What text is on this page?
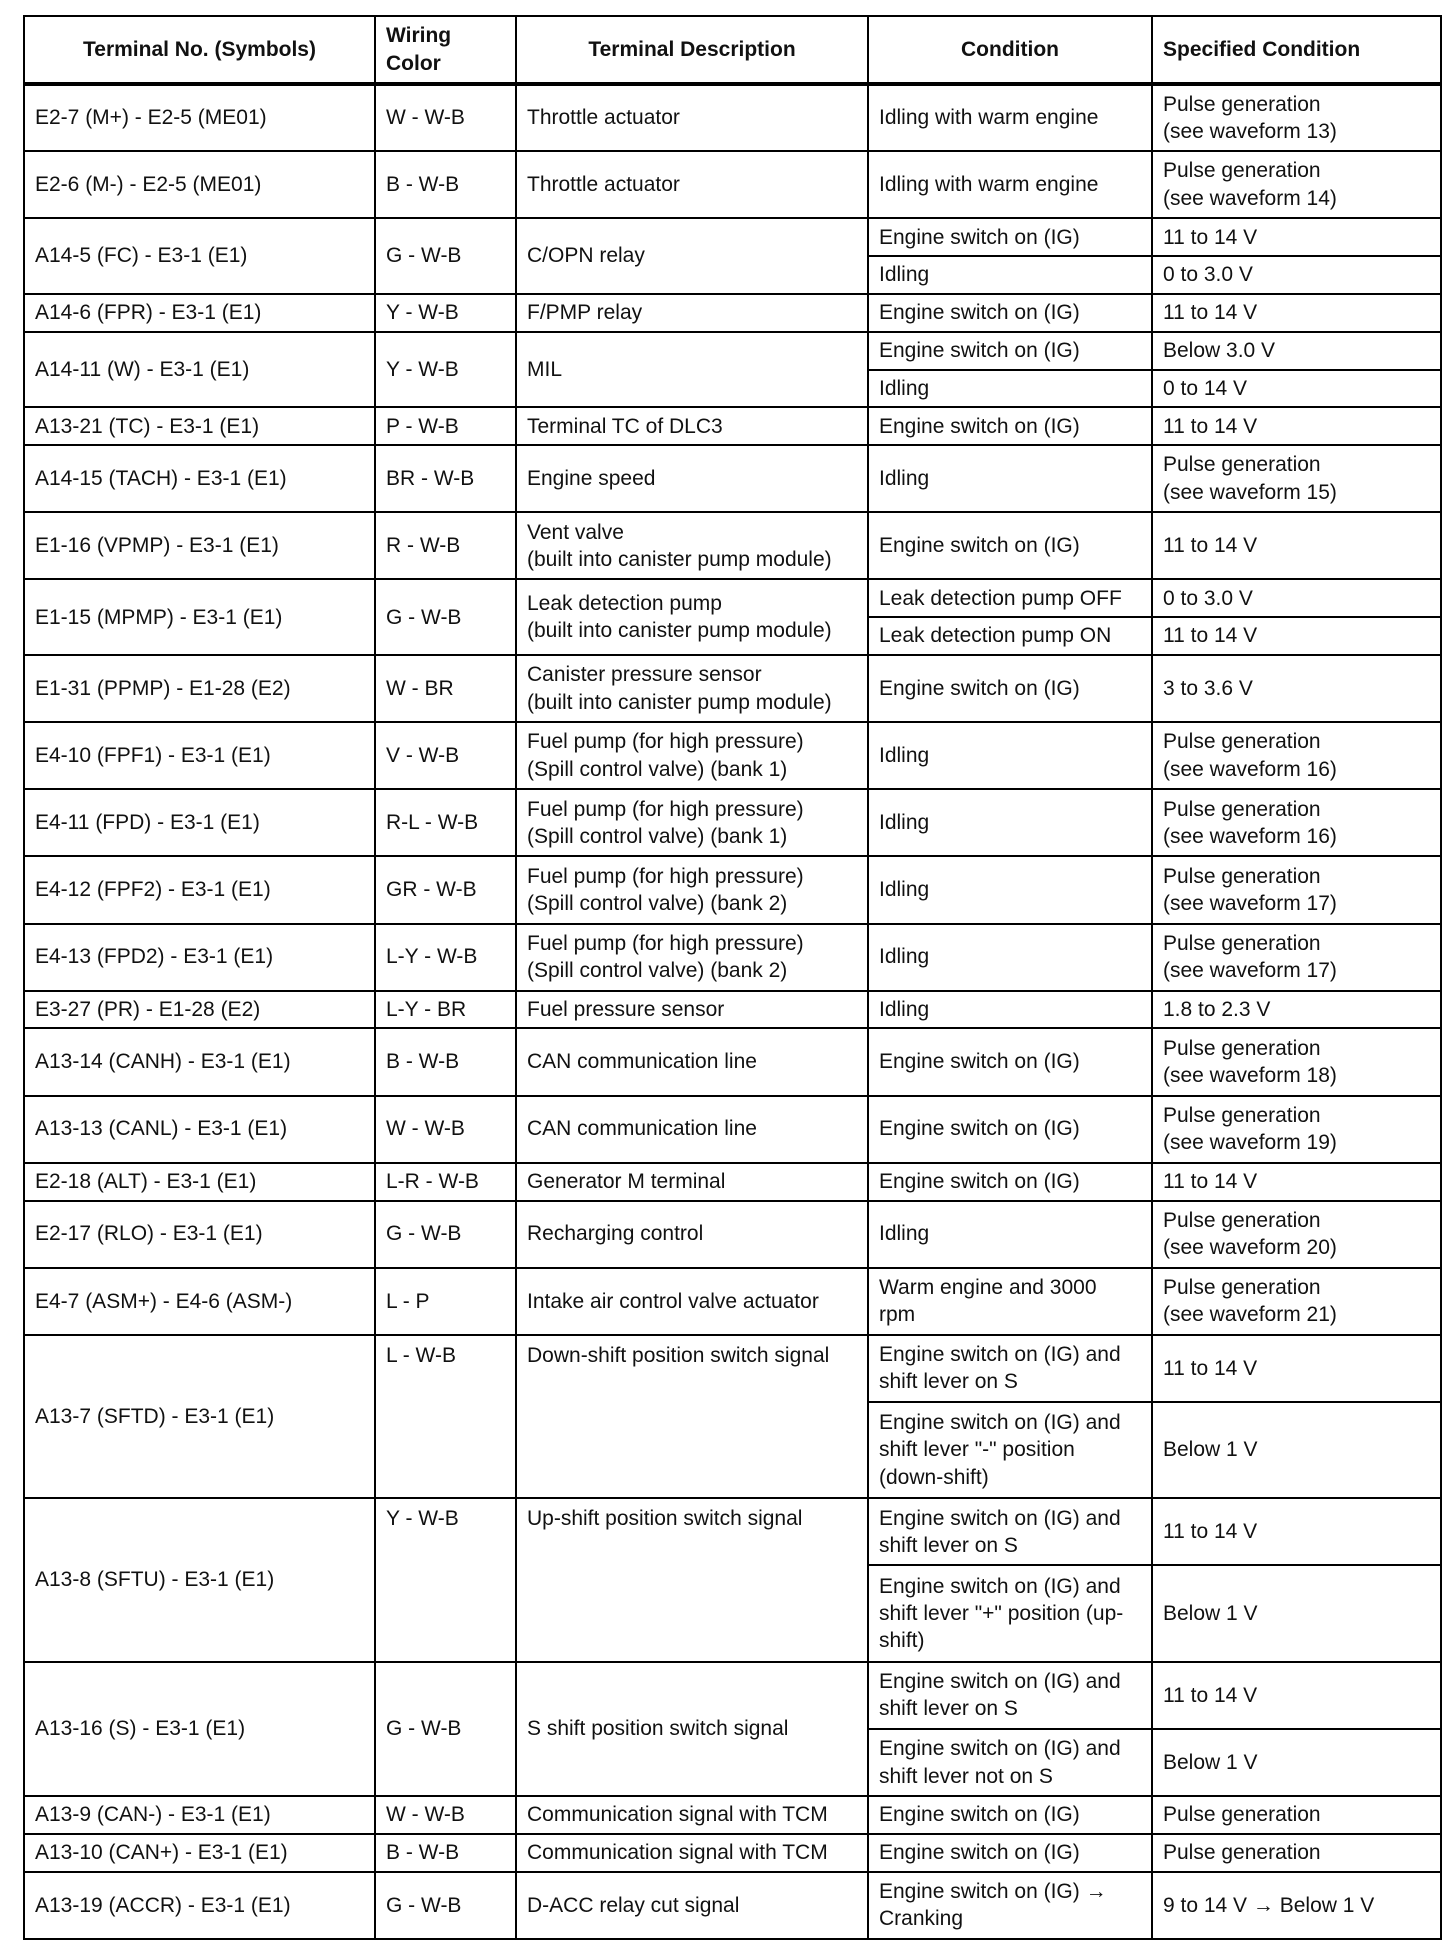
Terminal No. (Symbols)	Wiring Color	Terminal Description	Condition	Specified Condition

E2-7 (M+) - E2-5 (ME01)	W - W-B	Throttle actuator	Idling with warm engine	Pulse generation
(see waveform 13)

E2-6 (M-) - E2-5 (ME01)	B - W-B	Throttle actuator	Idling with warm engine	Pulse generation
(see waveform 14)

A14-5 (FC) - E3-1 (E1)	G - W-B	C/OPN relay	Engine switch on (IG)	11 to 14 V

			Idling	0 to 3.0 V

A14-6 (FPR) - E3-1 (E1)	Y - W-B	F/PMP relay	Engine switch on (IG)	11 to 14 V

A14-11 (W) - E3-1 (E1)	Y - W-B	MIL	Engine switch on (IG)	Below 3.0 V

			Idling	0 to 14 V

A13-21 (TC) - E3-1 (E1)	P - W-B	Terminal TC of DLC3	Engine switch on (IG)	11 to 14 V

A14-15 (TACH) - E3-1 (E1)	BR - W-B	Engine speed	Idling	Pulse generation
(see waveform 15)

E1-16 (VPMP) - E3-1 (E1)	R - W-B	Vent valve
(built into canister pump module)	Engine switch on (IG)	11 to 14 V

E1-15 (MPMP) - E3-1 (E1)	G - W-B	Leak detection pump
(built into canister pump module)	Leak detection pump OFF	0 to 3.0 V

			Leak detection pump ON	11 to 14 V

E1-31 (PPMP) - E1-28 (E2)	W - BR	Canister pressure sensor
(built into canister pump module)	Engine switch on (IG)	3 to 3.6 V

E4-10 (FPF1) - E3-1 (E1)	V - W-B	Fuel pump (for high pressure)
(Spill control valve) (bank 1)	Idling	Pulse generation
(see waveform 16)

E4-11 (FPD) - E3-1 (E1)	R-L - W-B	Fuel pump (for high pressure)
(Spill control valve) (bank 1)	Idling	Pulse generation
(see waveform 16)

E4-12 (FPF2) - E3-1 (E1)	GR - W-B	Fuel pump (for high pressure)
(Spill control valve) (bank 2)	Idling	Pulse generation
(see waveform 17)

E4-13 (FPD2) - E3-1 (E1)	L-Y - W-B	Fuel pump (for high pressure)
(Spill control valve) (bank 2)	Idling	Pulse generation
(see waveform 17)

E3-27 (PR) - E1-28 (E2)	L-Y - BR	Fuel pressure sensor	Idling	1.8 to 2.3 V

A13-14 (CANH) - E3-1 (E1)	B - W-B	CAN communication line	Engine switch on (IG)	Pulse generation
(see waveform 18)

A13-13 (CANL) - E3-1 (E1)	W - W-B	CAN communication line	Engine switch on (IG)	Pulse generation
(see waveform 19)

E2-18 (ALT) - E3-1 (E1)	L-R - W-B	Generator M terminal	Engine switch on (IG)	11 to 14 V

E2-17 (RLO) - E3-1 (E1)	G - W-B	Recharging control	Idling	Pulse generation
(see waveform 20)

E4-7 (ASM+) - E4-6 (ASM-)	L - P	Intake air control valve actuator	Warm engine and 3000
rpm	Pulse generation
(see waveform 21)

A13-7 (SFTD) - E3-1 (E1)	L - W-B	Down-shift position switch signal	Engine switch on (IG) and
shift lever on S	11 to 14 V

			Engine switch on (IG) and
shift lever "-" position
(down-shift)	Below 1 V

A13-8 (SFTU) - E3-1 (E1)	Y - W-B	Up-shift position switch signal	Engine switch on (IG) and
shift lever on S	11 to 14 V

			Engine switch on (IG) and
shift lever "+" position (up-
shift)	Below 1 V

A13-16 (S) - E3-1 (E1)	G - W-B	S shift position switch signal	Engine switch on (IG) and
shift lever on S	11 to 14 V

			Engine switch on (IG) and
shift lever not on S	Below 1 V

A13-9 (CAN-) - E3-1 (E1)	W - W-B	Communication signal with TCM	Engine switch on (IG)	Pulse generation

A13-10 (CAN+) - E3-1 (E1)	B - W-B	Communication signal with TCM	Engine switch on (IG)	Pulse generation

A13-19 (ACCR) - E3-1 (E1)	G - W-B	D-ACC relay cut signal	Engine switch on (IG) →
Cranking	9 to 14 V → Below 1 V
